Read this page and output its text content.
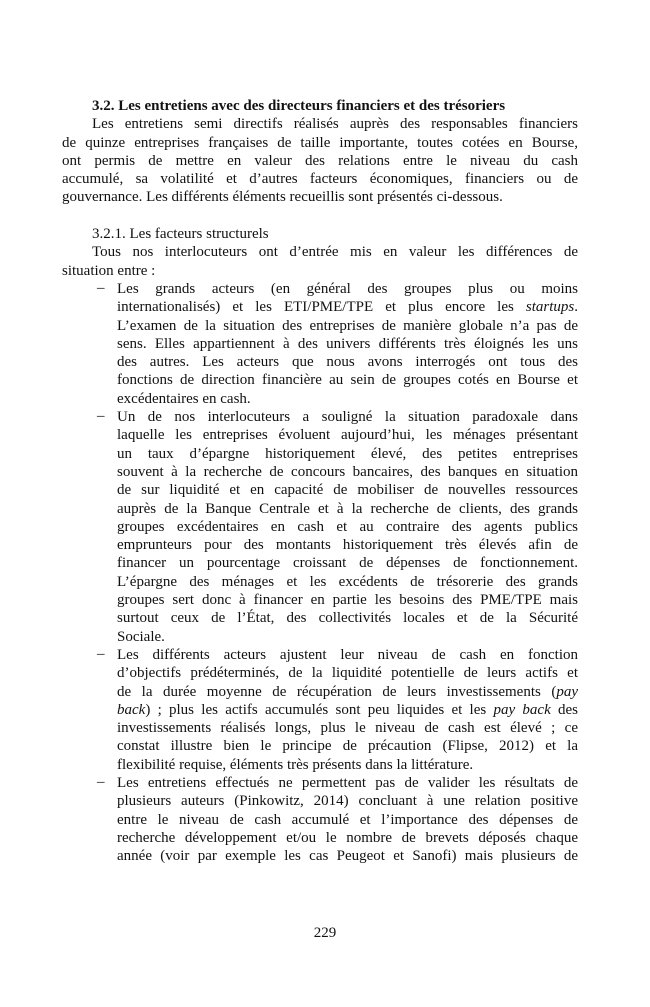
3.2. Les entretiens avec des directeurs financiers et des trésoriers
Les entretiens semi directifs réalisés auprès des responsables financiers
de quinze entreprises françaises de taille importante, toutes cotées en Bourse,
ont permis de mettre en valeur des relations entre le niveau du cash
accumulé, sa volatilité et d’autres facteurs économiques, financiers ou de
gouvernance. Les différents éléments recueillis sont présentés ci-dessous.
3.2.1. Les facteurs structurels
Tous nos interlocuteurs ont d’entrée mis en valeur les différences de
situation entre :
– Les grands acteurs (en général des groupes plus ou moins
internationalisés) et les ETI/PME/TPE et plus encore les startups.
L’examen de la situation des entreprises de manière globale n’a pas de
sens. Elles appartiennent à des univers différents très éloignés les uns
des autres. Les acteurs que nous avons interrogés ont tous des
fonctions de direction financière au sein de groupes cotés en Bourse et
excédentaires en cash.
– Un de nos interlocuteurs a souligné la situation paradoxale dans
laquelle les entreprises évoluent aujourd’hui, les ménages présentant
un taux d’épargne historiquement élevé, des petites entreprises
souvent à la recherche de concours bancaires, des banques en situation
de sur liquidité et en capacité de mobiliser de nouvelles ressources
auprès de la Banque Centrale et à la recherche de clients, des grands
groupes excédentaires en cash et au contraire des agents publics
emprunteurs pour des montants historiquement très élevés afin de
financer un pourcentage croissant de dépenses de fonctionnement.
L’épargne des ménages et les excédents de trésorerie des grands
groupes sert donc à financer en partie les besoins des PME/TPE mais
surtout ceux de l’État, des collectivités locales et de la Sécurité
Sociale.
– Les différents acteurs ajustent leur niveau de cash en fonction
d’objectifs prédéterminés, de la liquidité potentielle de leurs actifs et
de la durée moyenne de récupération de leurs investissements (pay
back) ; plus les actifs accumulés sont peu liquides et les pay back des
investissements réalisés longs, plus le niveau de cash est élevé ; ce
constat illustre bien le principe de précaution (Flipse, 2012) et la
flexibilité requise, éléments très présents dans la littérature.
– Les entretiens effectués ne permettent pas de valider les résultats de
plusieurs auteurs (Pinkowitz, 2014) concluant à une relation positive
entre le niveau de cash accumulé et l’importance des dépenses de
recherche développement et/ou le nombre de brevets déposés chaque
année (voir par exemple les cas Peugeot et Sanofi) mais plusieurs de
229
